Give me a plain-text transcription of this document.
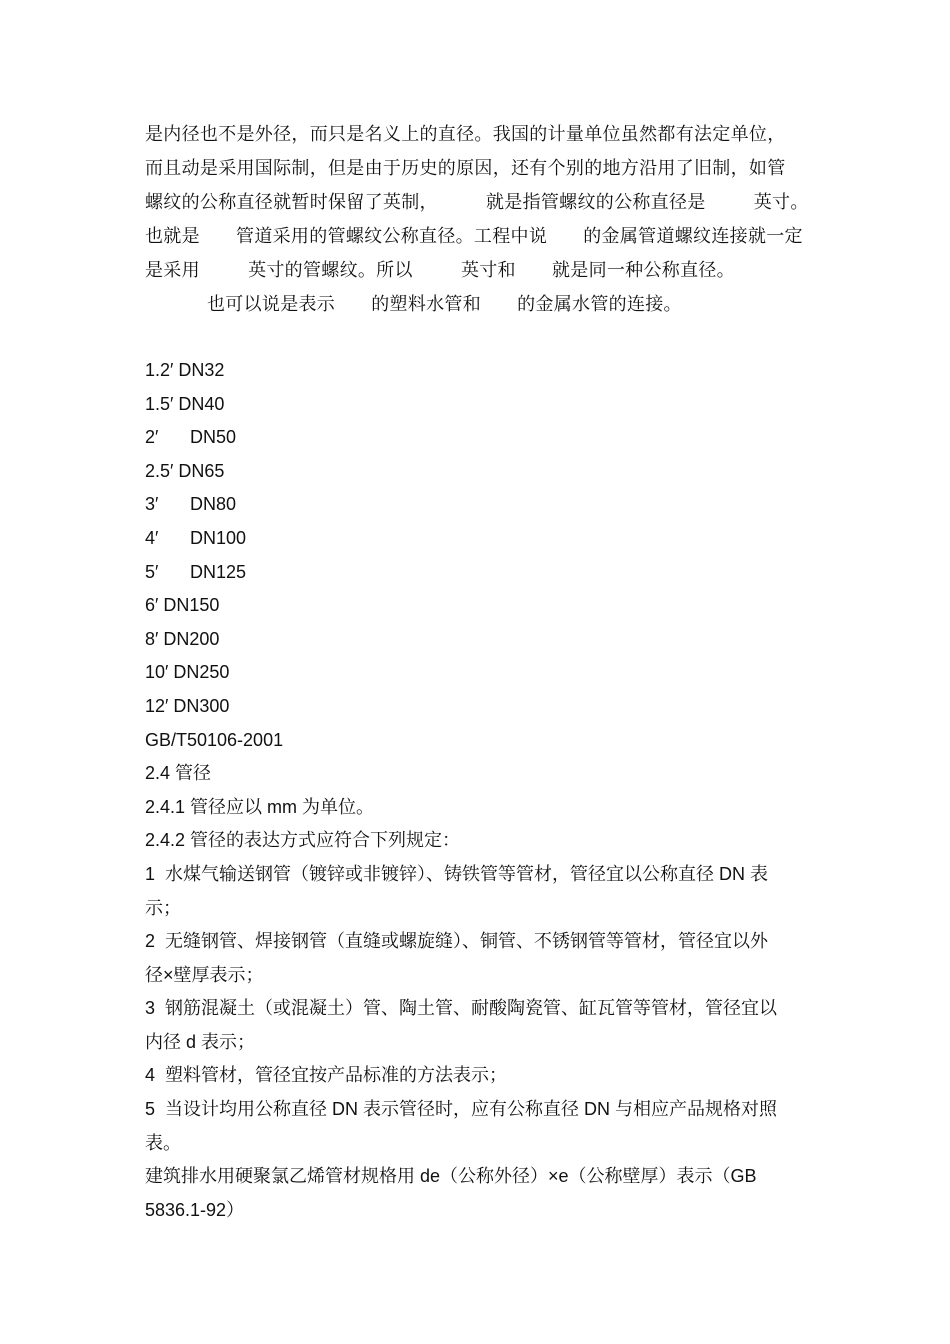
是内径也不是外径，而只是名义上的直径。我国的计量单位虽然都有法定单位，
而且动是采用国际制，但是由于历史的原因，还有个别的地方沿用了旧制，如管
螺纹的公称直径就暂时保留了英制，        就是指管螺纹的公称直径是        英寸。
也就是      管道采用的管螺纹公称直径。工程中说      的金属管道螺纹连接就一定
是采用        英寸的管螺纹。所以        英寸和      就是同一种公称直径。
也可以说是表示      的塑料水管和      的金属水管的连接。
1.2′ DN32
1.5′ DN40
2′	DN50
2.5′ DN65
3′	DN80
4′	DN100
5′	DN125
6′ DN150
8′ DN200
10′ DN250
12′ DN300
GB/T50106-2001
2.4 管径
2.4.1 管径应以 mm 为单位。
2.4.2 管径的表达方式应符合下列规定：
1  水煤气输送钢管（镀锌或非镀锌）、铸铁管等管材，管径宜以公称直径 DN 表
示；
2  无缝钢管、焊接钢管（直缝或螺旋缝）、铜管、不锈钢管等管材，管径宜以外
径×壁厚表示；
3  钢筋混凝土（或混凝土）管、陶土管、耐酸陶瓷管、缸瓦管等管材，管径宜以
内径 d 表示；
4  塑料管材，管径宜按产品标准的方法表示；
5  当设计均用公称直径 DN 表示管径时，应有公称直径 DN 与相应产品规格对照
表。
建筑排水用硬聚氯乙烯管材规格用 de（公称外径）×e（公称壁厚）表示（GB
5836.1-92）
